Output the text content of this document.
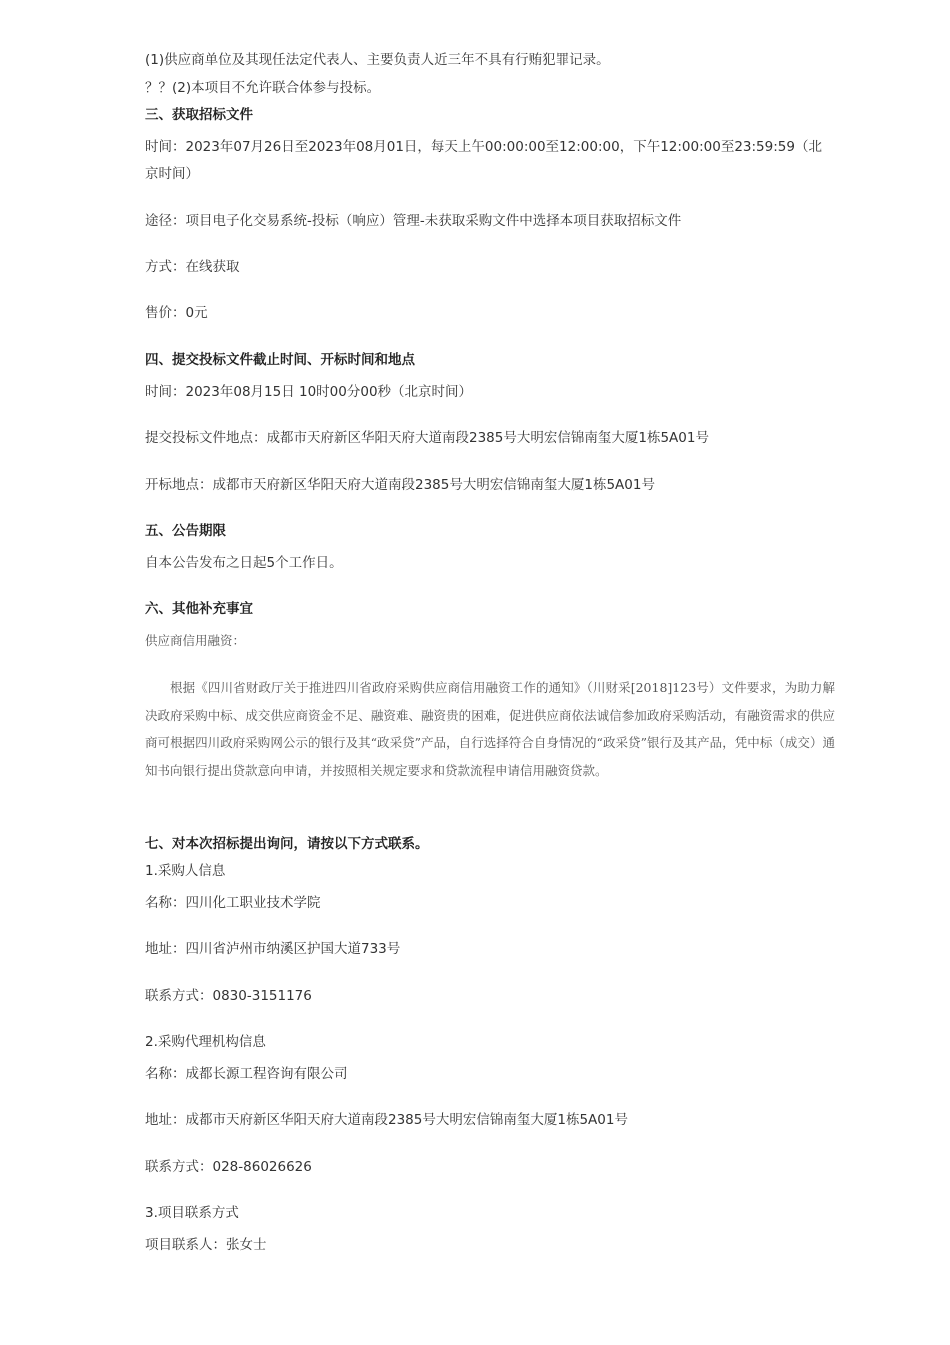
(1)供应商单位及其现任法定代表人、主要负责人近三年不具有行贿犯罪记录。
？？(2)本项目不允许联合体参与投标。
三、获取招标文件
时间：2023年07月26日至2023年08月01日，每天上午00:00:00至12:00:00，下午12:00:00至23:59:59（北京时间）
途径：项目电子化交易系统-投标（响应）管理-未获取采购文件中选择本项目获取招标文件
方式：在线获取
售价：0元
四、提交投标文件截止时间、开标时间和地点
时间：2023年08月15日 10时00分00秒（北京时间）
提交投标文件地点：成都市天府新区华阳天府大道南段2385号大明宏信锦南玺大厦1栋5A01号
开标地点：成都市天府新区华阳天府大道南段2385号大明宏信锦南玺大厦1栋5A01号
五、公告期限
自本公告发布之日起5个工作日。
六、其他补充事宜
供应商信用融资：
根据《四川省财政厅关于推进四川省政府采购供应商信用融资工作的通知》（川财采[2018]123号）文件要求，为助力解决政府采购中标、成交供应商资金不足、融资难、融资贵的困难，促进供应商依法诚信参加政府采购活动，有融资需求的供应商可根据四川政府采购网公示的银行及其“政采贷”产品，自行选择符合自身情况的“政采贷”银行及其产品，凭中标（成交）通知书向银行提出贷款意向申请，并按照相关规定要求和贷款流程申请信用融资贷款。
七、对本次招标提出询问，请按以下方式联系。
1.采购人信息
名称：四川化工职业技术学院
地址：四川省泸州市纳溪区护国大道733号
联系方式：0830-3151176
2.采购代理机构信息
名称：成都长源工程咨询有限公司
地址：成都市天府新区华阳天府大道南段2385号大明宏信锦南玺大厦1栋5A01号
联系方式：028-86026626
3.项目联系方式
项目联系人：张女士
